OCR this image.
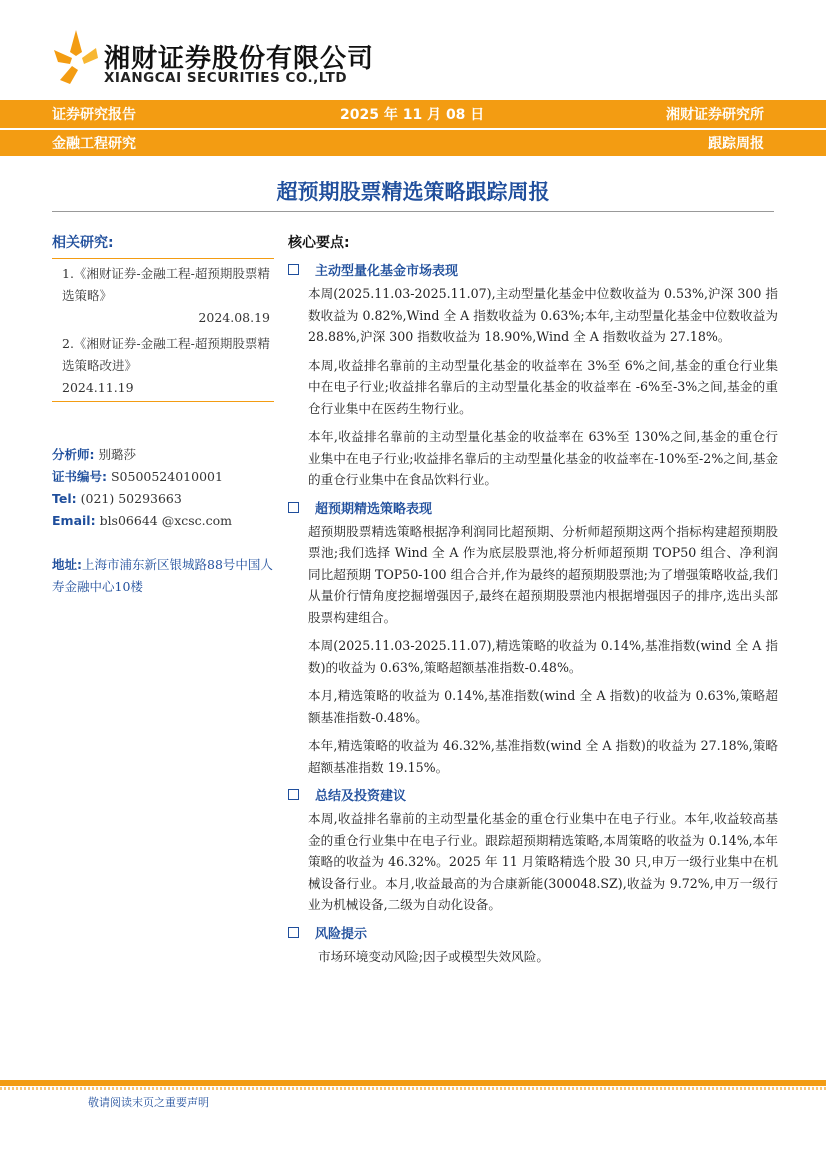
湘财证券股份有限公司
XIANGCAI SECURITIES CO.,LTD
证券研究报告	2025 年 11 月 08 日	湘财证券研究所
金融工程研究	跟踪周报
超预期股票精选策略跟踪周报
相关研究:
1.《湘财证券-金融工程-超预期股票精选策略》
2024.08.19
2.《湘财证券-金融工程-超预期股票精选策略改进》
2024.11.19
分析师: 别璐莎
证书编号: S0500524010001
Tel: (021) 50293663
Email: bls06644 @xcsc.com
地址:上海市浦东新区银城路88号中国人寿金融中心10楼
核心要点:
主动型量化基金市场表现

本周(2025.11.03-2025.11.07),主动型量化基金中位数收益为 0.53%,沪深 300 指数收益为 0.82%,Wind 全 A 指数收益为 0.63%;本年,主动型量化基金中位数收益为 28.88%,沪深 300 指数收益为 18.90%,Wind 全 A 指数收益为 27.18%。

本周,收益排名靠前的主动型量化基金的收益率在 3%至 6%之间,基金的重仓行业集中在电子行业;收益排名靠后的主动型量化基金的收益率在 -6%至-3%之间,基金的重仓行业集中在医药生物行业。

本年,收益排名靠前的主动型量化基金的收益率在 63%至 130%之间,基金的重仓行业集中在电子行业;收益排名靠后的主动型量化基金的收益率在-10%至-2%之间,基金的重仓行业集中在食品饮料行业。

超预期精选策略表现

超预期股票精选策略根据净利润同比超预期、分析师超预期这两个指标构建超预期股票池;我们选择 Wind 全 A 作为底层股票池,将分析师超预期 TOP50 组合、净利润同比超预期 TOP50-100 组合合并,作为最终的超预期股票池;为了增强策略收益,我们从量价行情角度挖掘增强因子,最终在超预期股票池内根据增强因子的排序,选出头部股票构建组合。

本周(2025.11.03-2025.11.07),精选策略的收益为 0.14%,基准指数(wind 全 A 指数)的收益为 0.63%,策略超额基准指数-0.48%。

本月,精选策略的收益为 0.14%,基准指数(wind 全 A 指数)的收益为 0.63%,策略超额基准指数-0.48%。

本年,精选策略的收益为 46.32%,基准指数(wind 全 A 指数)的收益为 27.18%,策略超额基准指数 19.15%。

总结及投资建议

本周,收益排名靠前的主动型量化基金的重仓行业集中在电子行业。本年,收益较高基金的重仓行业集中在电子行业。跟踪超预期精选策略,本周策略的收益为 0.14%,本年策略的收益为 46.32%。2025 年 11 月策略精选个股 30 只,申万一级行业集中在机械设备行业。本月,收益最高的为合康新能(300048.SZ),收益为 9.72%,申万一级行业为机械设备,二级为自动化设备。

风险提示

市场环境变动风险;因子或模型失效风险。

敬请阅读末页之重要声明
